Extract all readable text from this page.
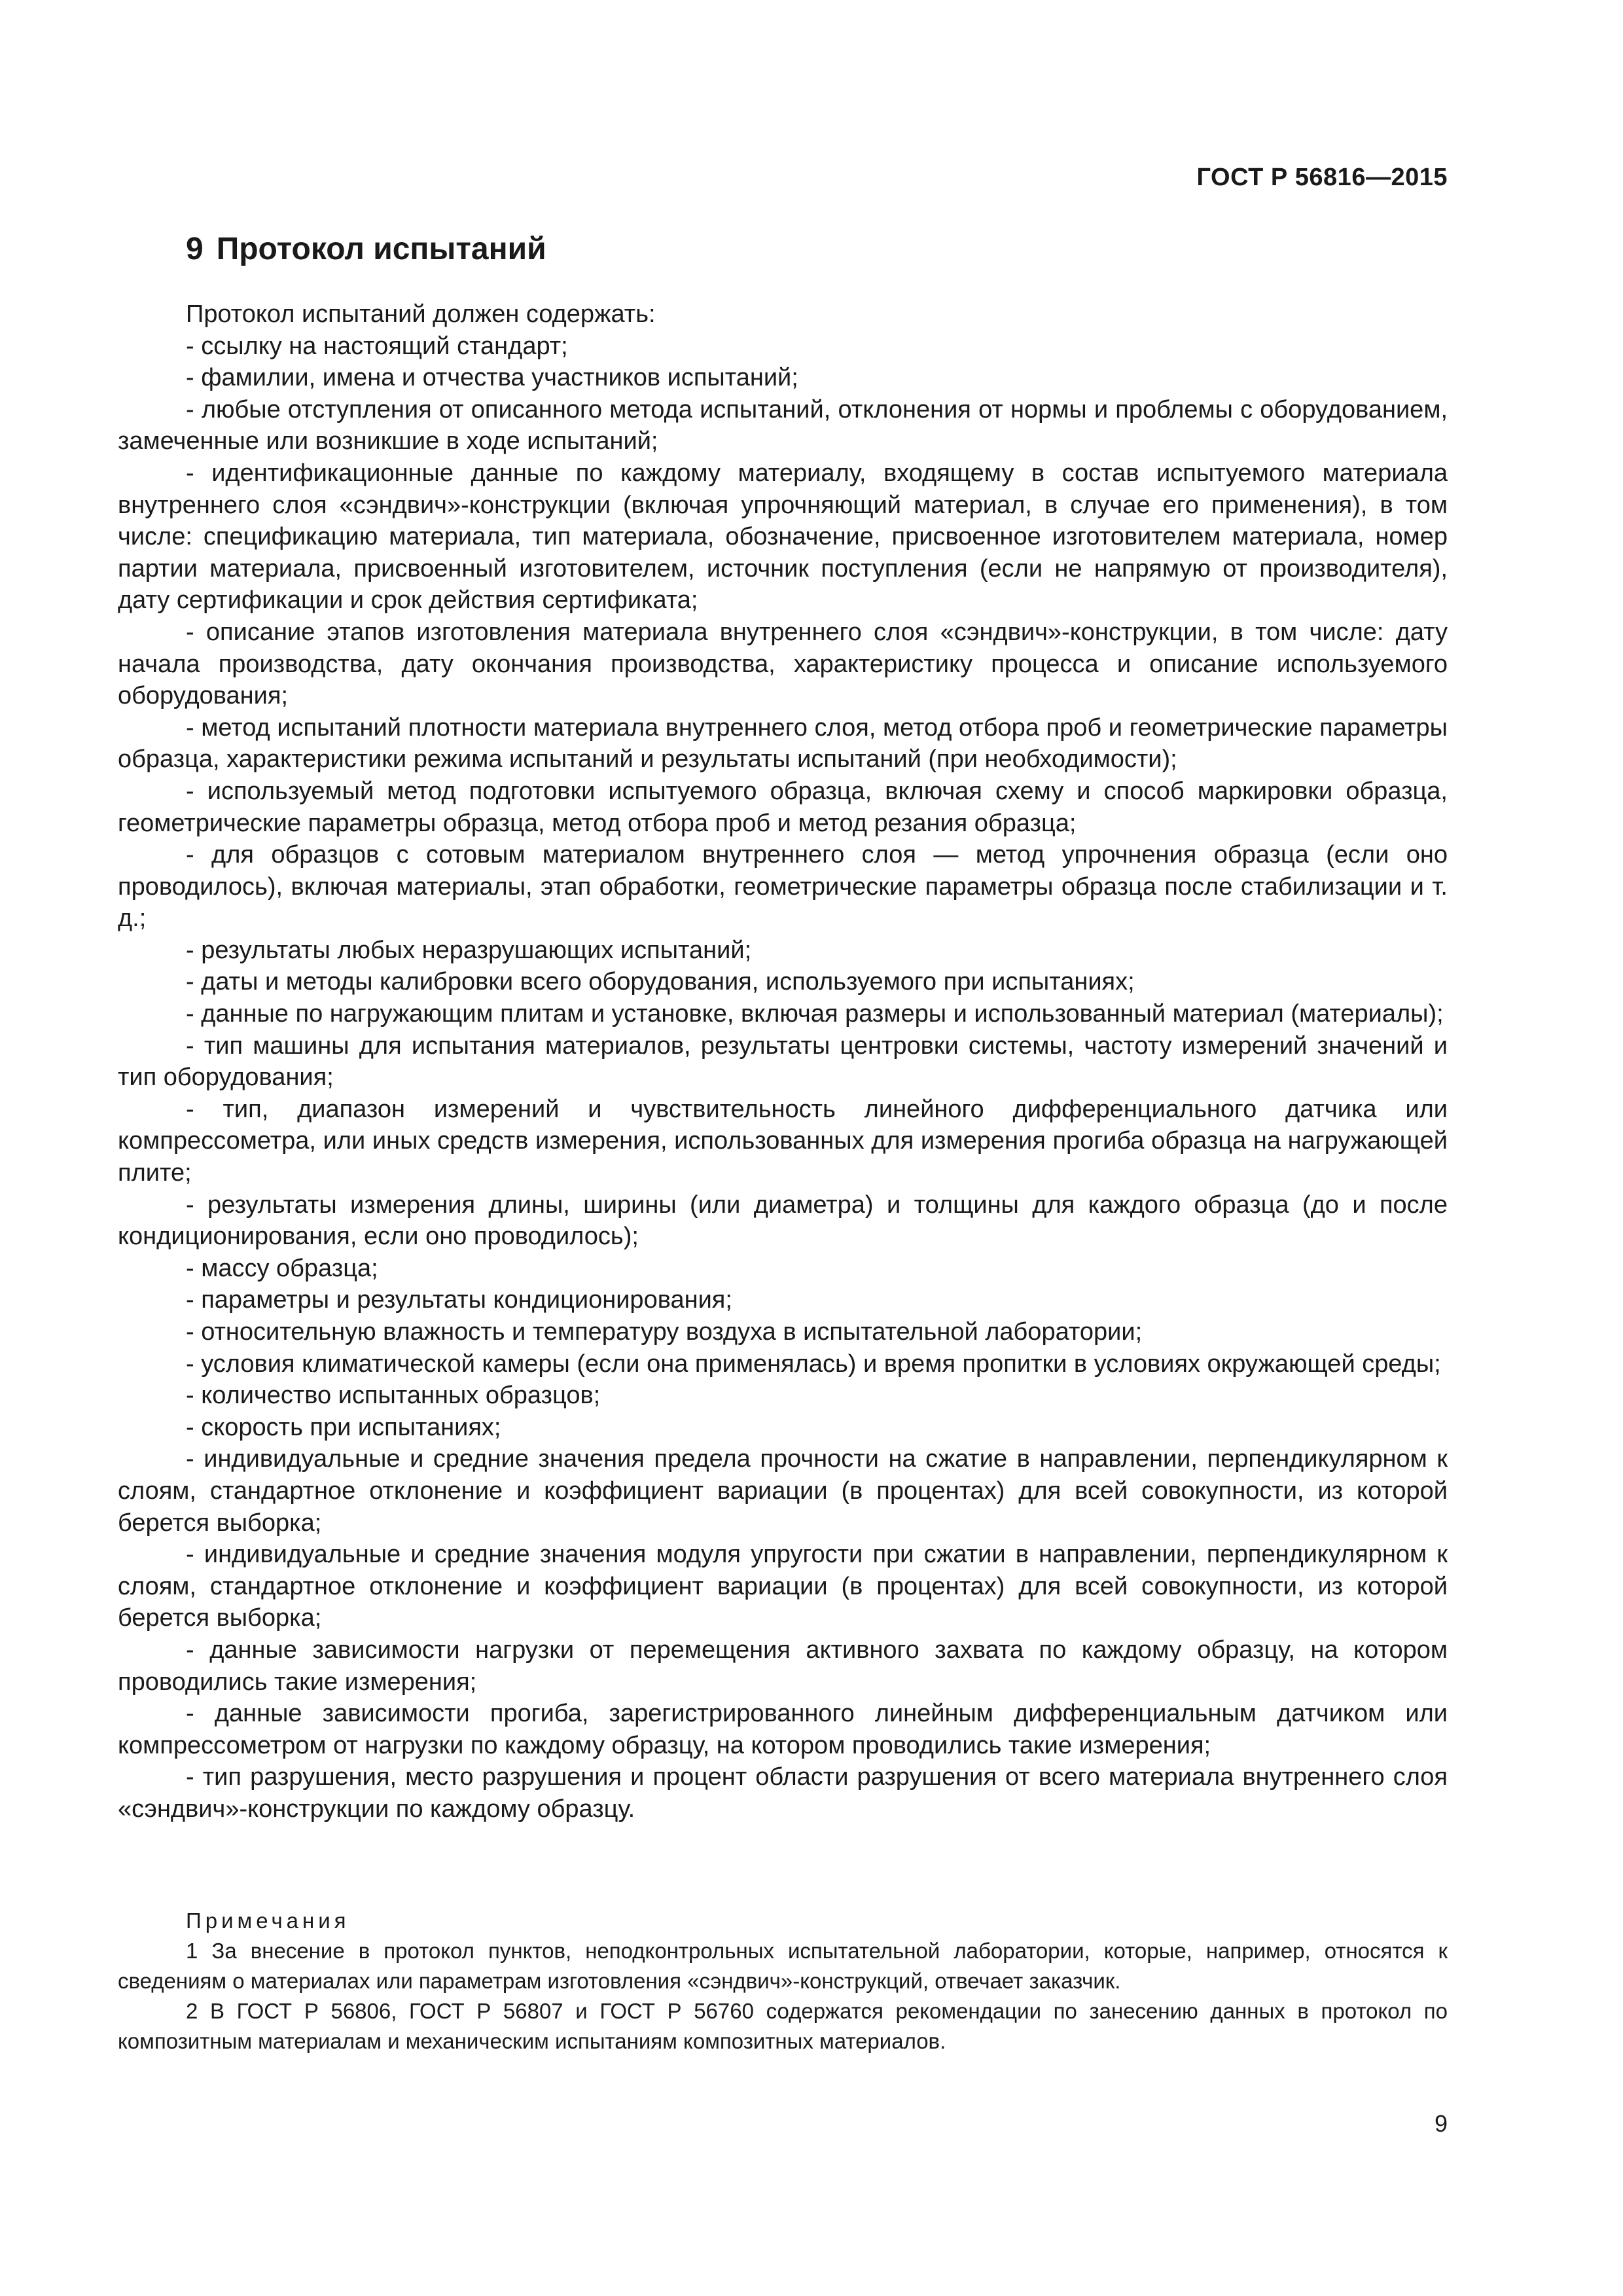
ГОСТ Р 56816—2015
9 Протокол испытаний

Протокол испытаний должен содержать:

- ссылку на настоящий стандарт;

- фамилии, имена и отчества участников испытаний;

- любые отступления от описанного метода испытаний, отклонения от нормы и проблемы с оборудованием, замеченные или возникшие в ходе испытаний;

- идентификационные данные по каждому материалу, входящему в состав испытуемого материала внутреннего слоя «сэндвич»-конструкции (включая упрочняющий материал, в случае его применения), в том числе: спецификацию материала, тип материала, обозначение, присвоенное изготовителем материала, номер партии материала, присвоенный изготовителем, источник поступления (если не напрямую от производителя), дату сертификации и срок действия сертификата;

- описание этапов изготовления материала внутреннего слоя «сэндвич»-конструкции, в том числе: дату начала производства, дату окончания производства, характеристику процесса и описание используемого оборудования;

- метод испытаний плотности материала внутреннего слоя, метод отбора проб и геометрические параметры образца, характеристики режима испытаний и результаты испытаний (при необходимости);

- используемый метод подготовки испытуемого образца, включая схему и способ маркировки образца, геометрические параметры образца, метод отбора проб и метод резания образца;

- для образцов с сотовым материалом внутреннего слоя — метод упрочнения образца (если оно проводилось), включая материалы, этап обработки, геометрические параметры образца после стабилизации и т. д.;

- результаты любых неразрушающих испытаний;

- даты и методы калибровки всего оборудования, используемого при испытаниях;

- данные по нагружающим плитам и установке, включая размеры и использованный материал (материалы);

- тип машины для испытания материалов, результаты центровки системы, частоту измерений значений и тип оборудования;

- тип, диапазон измерений и чувствительность линейного дифференциального датчика или компрессометра, или иных средств измерения, использованных для измерения прогиба образца на нагружающей плите;

- результаты измерения длины, ширины (или диаметра) и толщины для каждого образца (до и после кондиционирования, если оно проводилось);

- массу образца;

- параметры и результаты кондиционирования;

- относительную влажность и температуру воздуха в испытательной лаборатории;

- условия климатической камеры (если она применялась) и время пропитки в условиях окружающей среды;

- количество испытанных образцов;

- скорость при испытаниях;

- индивидуальные и средние значения предела прочности на сжатие в направлении, перпендикулярном к слоям, стандартное отклонение и коэффициент вариации (в процентах) для всей совокупности, из которой берется выборка;

- индивидуальные и средние значения модуля упругости при сжатии в направлении, перпендикулярном к слоям, стандартное отклонение и коэффициент вариации (в процентах) для всей совокупности, из которой берется выборка;

- данные зависимости нагрузки от перемещения активного захвата по каждому образцу, на котором проводились такие измерения;

- данные зависимости прогиба, зарегистрированного линейным дифференциальным датчиком или компрессометром от нагрузки по каждому образцу, на котором проводились такие измерения;

- тип разрушения, место разрушения и процент области разрушения от всего материала внутреннего слоя «сэндвич»-конструкции по каждому образцу.

Примечания

1 За внесение в протокол пунктов, неподконтрольных испытательной лаборатории, которые, например, относятся к сведениям о материалах или параметрам изготовления «сэндвич»-конструкций, отвечает заказчик.

2 В ГОСТ Р 56806, ГОСТ Р 56807 и ГОСТ Р 56760 содержатся рекомендации по занесению данных в протокол по композитным материалам и механическим испытаниям композитных материалов.

9
